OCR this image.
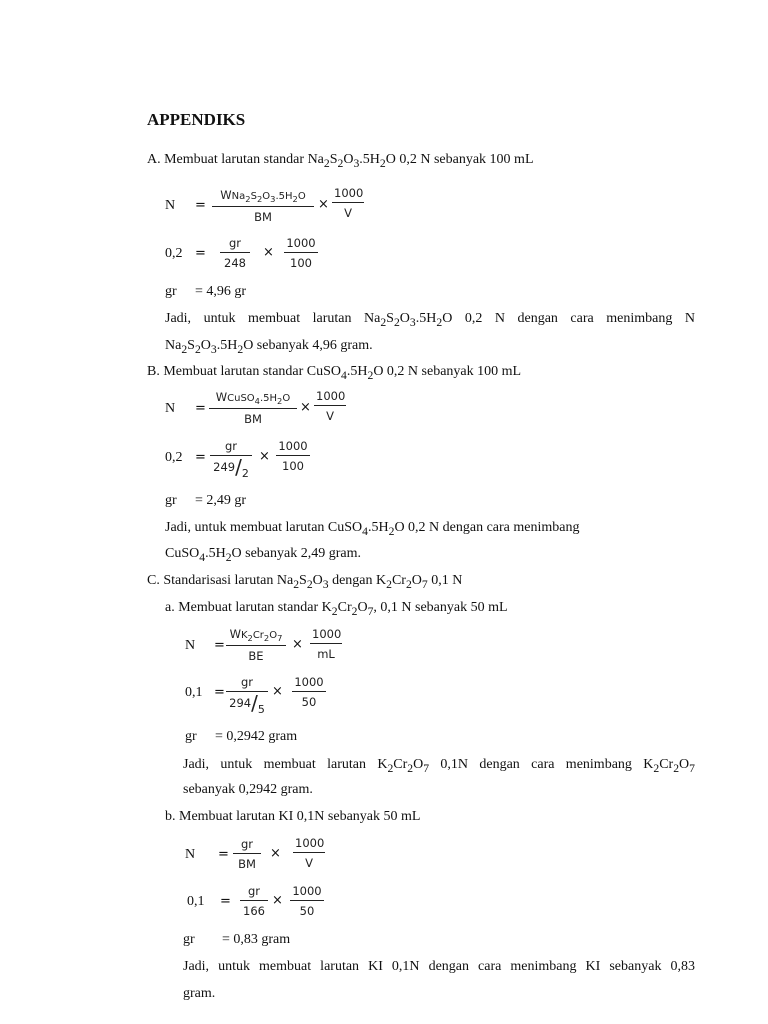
APPENDIKS
A. Membuat larutan standar $Na_2S_2O_3.5H_2O$ 0,2 N sebanyak 100 mL
N =
$WNa_2S_2O_3.5H_2O$
BM
× $\frac{1000}{V}$
$0,2 = \frac{gr}{248} \times \frac{1000}{100}$
gr = 4,96 gr
Jadi, untuk membuat larutan $Na_2S_2O_3.5H_2O$ 0,2 N dengan cara menimbang N
$Na_2S_2O_3.5H_2O$ sebanyak 4,96 gram.
B. Membuat larutan standar $CuSO_4.5H_2O$ 0,2 N sebanyak 100 mL
N =
$WCuSO_4.5H_2O$
BM
× $\frac{1000}{V}$
$0,2 = \frac{gr}{249/2} \times \frac{1000}{100}$
gr = 2,49 gr
Jadi, untuk membuat larutan $CuSO_4.5H_2O$ 0,2 N dengan cara menimbang
$CuSO_4.5H_2O$ sebanyak 2,49 gram.
C. Standarisasi larutan $Na_2S_2O_3$ dengan $K_2Cr_2O_7$ 0,1 N
a. Membuat larutan standar $K_2Cr_2O_7$, 0,1 N sebanyak 50 mL
$N = \frac{WK_2Cr_2O_7}{BE} \times \frac{1000}{mL}$
$0,1 = \frac{gr}{294/5} \times \frac{1000}{50}$
gr = 0,2942 gram
Jadi, untuk membuat larutan $K_2Cr_2O_7$ 0,1N dengan cara menimbang $K_2Cr_2O_7$
sebanyak 0,2942 gram.
b. Membuat larutan KI 0,1N sebanyak 50 mL
$N = \frac{gr}{BM} \times \frac{1000}{V}$
$0,1 = \frac{gr}{166} \times \frac{1000}{50}$
gr = 0,83 gram
Jadi, untuk membuat larutan KI 0,1N dengan cara menimbang KI sebanyak 0,83
gram.
